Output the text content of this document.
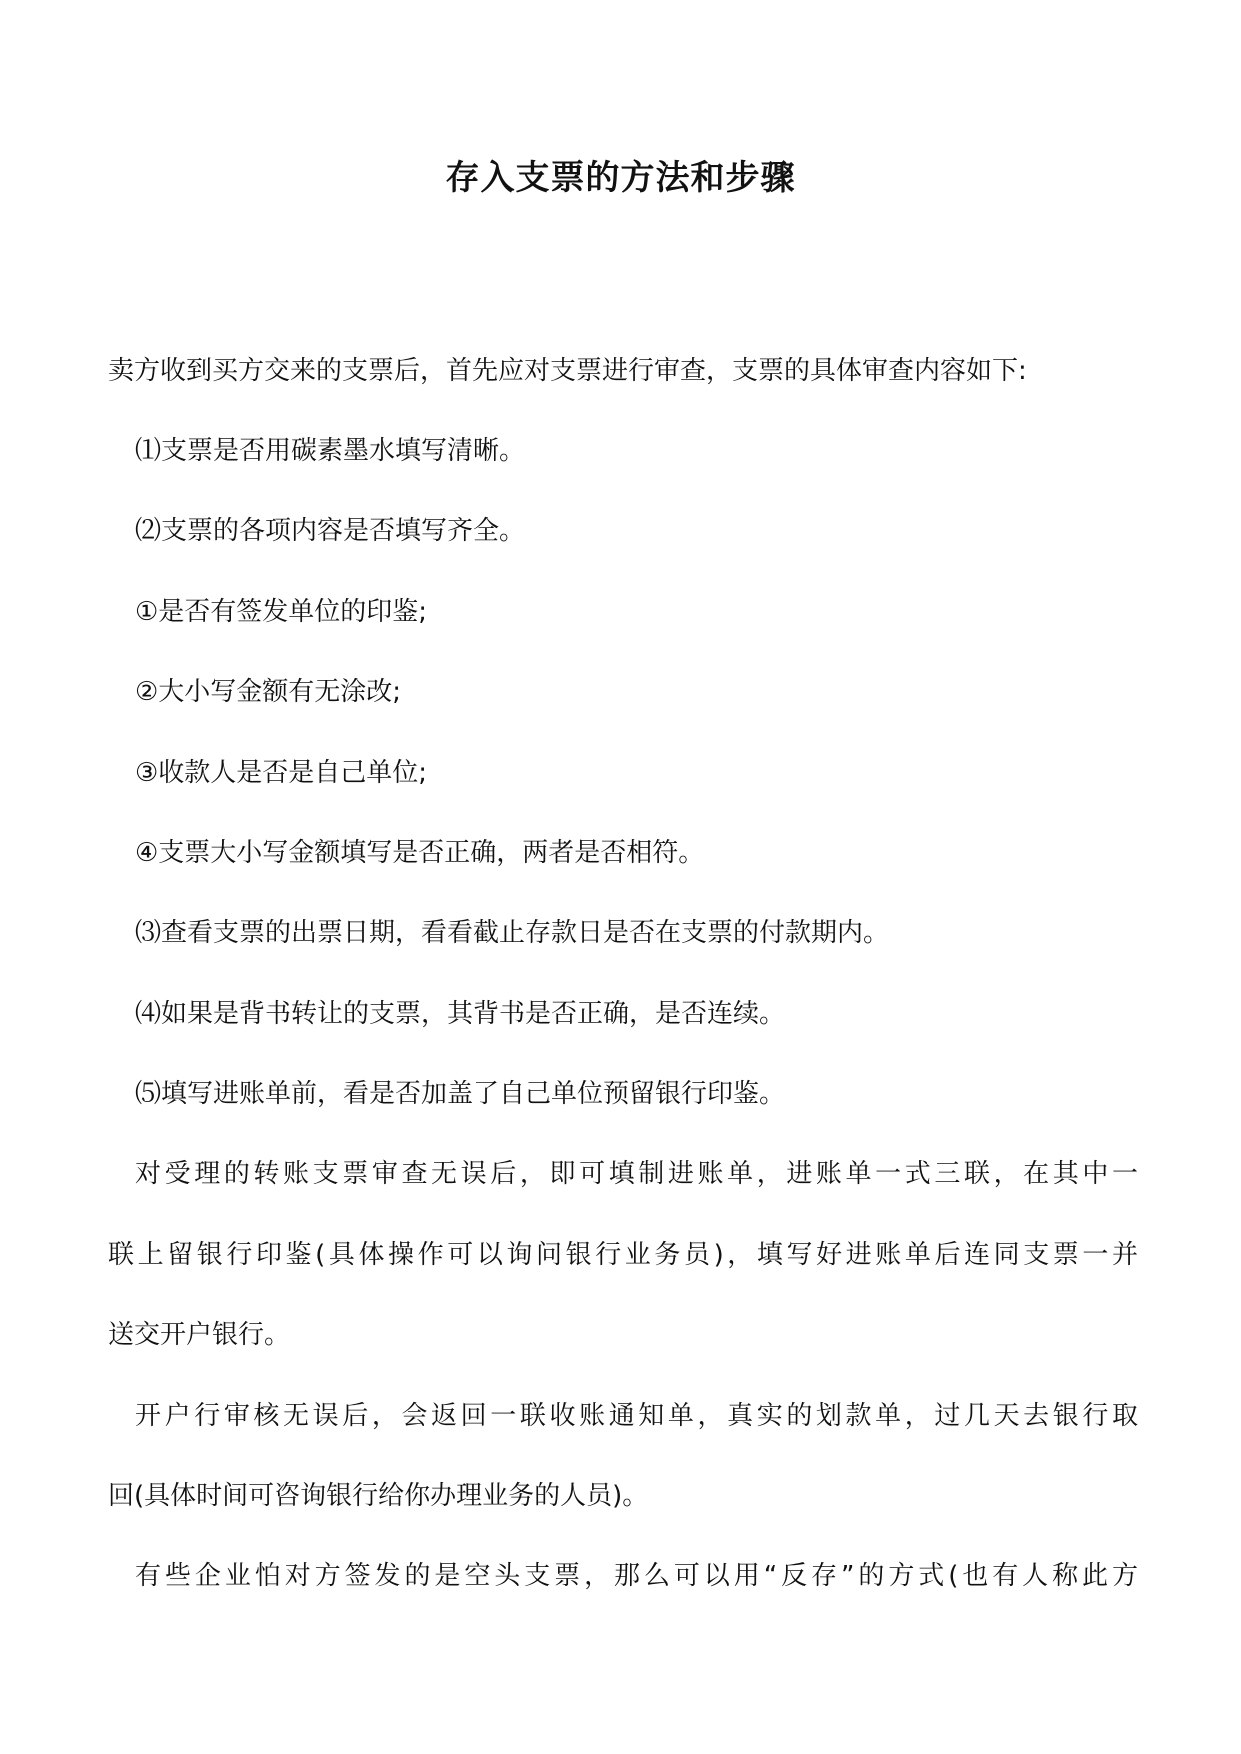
存入支票的方法和步骤

卖方收到买方交来的支票后，首先应对支票进行审查，支票的具体审查内容如下:

⑴支票是否用碳素墨水填写清晰。

⑵支票的各项内容是否填写齐全。

①是否有签发单位的印鉴;

②大小写金额有无涂改;

③收款人是否是自己单位;

④支票大小写金额填写是否正确，两者是否相符。

⑶查看支票的出票日期，看看截止存款日是否在支票的付款期内。

⑷如果是背书转让的支票，其背书是否正确，是否连续。

⑸填写进账单前，看是否加盖了自己单位预留银行印鉴。

对受理的转账支票审查无误后，即可填制进账单，进账单一式三联，在其中一

联上留银行印鉴(具体操作可以询问银行业务员)，填写好进账单后连同支票一并

送交开户银行。

开户行审核无误后，会返回一联收账通知单，真实的划款单，过几天去银行取

回(具体时间可咨询银行给你办理业务的人员)。

有些企业怕对方签发的是空头支票，那么可以用“反存”的方式(也有人称此方
